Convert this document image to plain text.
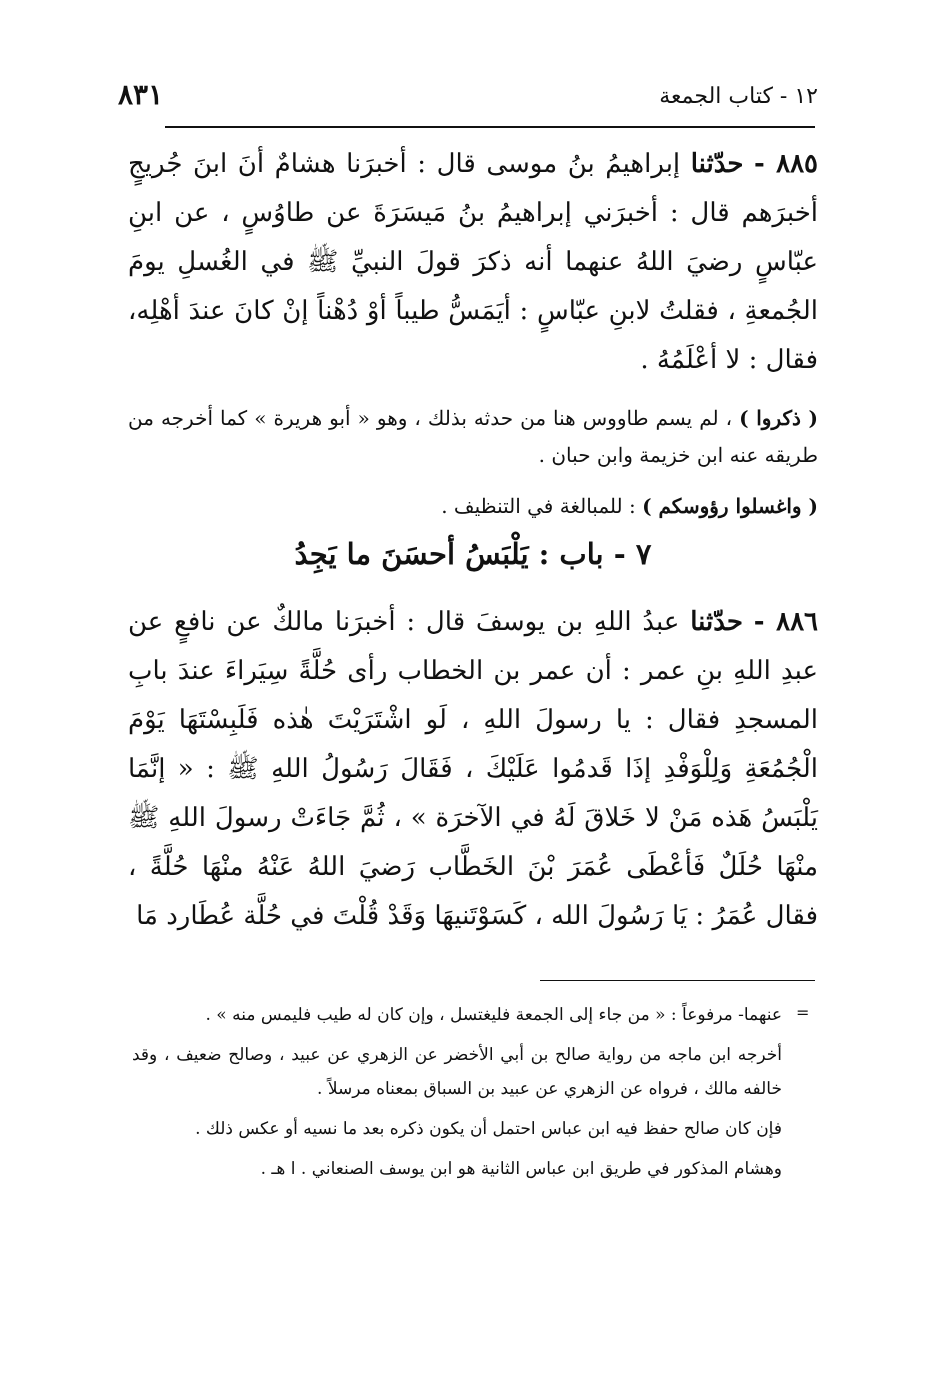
١٢ - كتاب الجمعة
٨٣١

٨٨٥ - حدّثنا إبراهيمُ بنُ موسى قال : أخبرَنا هشامٌ أنَ ابنَ جُريجٍ أخبرَهم قال : أخبرَني إبراهيمُ بنُ مَيسَرَةَ عن طاوُسٍ ، عن ابنِ عبّاسٍ رضيَ اللهُ عنهما أنه ذكرَ قولَ النبيِّ ﷺ في الغُسلِ يومَ الجُمعةِ ، فقلتُ لابنِ عبّاسٍ : أيَمَسُّ طيباً أوْ دُهْناً إنْ كانَ عندَ أهْلِه، فقال : لا أعْلَمُهُ .

( ذكروا ) ، لم يسم طاووس هنا من حدثه بذلك ، وهو « أبو هريرة » كما أخرجه من طريقه عنه ابن خزيمة وابن حبان .

( واغسلوا رؤوسكم ) : للمبالغة في التنظيف .

٧ - باب : يَلْبَسُ أحسَنَ ما يَجِدُ

٨٨٦ - حدّثنا عبدُ اللهِ بن يوسفَ قال : أخبرَنا مالكٌ عن نافعٍ عن عبدِ اللهِ بنِ عمر : أن عمر بن الخطاب رأى حُلَّةً سِيَراءَ عندَ بابِ المسجدِ فقال : يا رسولَ اللهِ ، لَو اشْتَرَيْتَ هٰذه فَلَبِسْتَهَا يَوْمَ الْجُمُعَةِ وَلِلْوَفْدِ إذَا قَدمُوا عَلَيْكَ ، فَقَالَ رَسُولُ اللهِ ﷺ : « إنَّمَا يَلْبَسُ هَذه مَنْ لا خَلاقَ لَهُ في الآخرَة » ، ثُمَّ جَاءَتْ رسولَ اللهِ ﷺ منْهَا حُلَلٌ فَأعْطَى عُمَرَ بْنَ الخَطَّاب رَضيَ اللهُ عَنْهُ منْهَا حُلَّةً ، فقال عُمَرُ : يَا رَسُولَ الله ، كَسَوْتَنيهَا وَقَدْ قُلْتَ في حُلَّة عُطَارد مَا

=

عنهما- مرفوعاً : « من جاء إلى الجمعة فليغتسل ، وإن كان له طيب فليمس منه » .

أخرجه ابن ماجه من رواية صالح بن أبي الأخضر عن الزهري عن عبيد ، وصالح ضعيف ، وقد خالفه مالك ، فرواه عن الزهري عن عبيد بن السباق بمعناه مرسلاً .

فإن كان صالح حفظ فيه ابن عباس احتمل أن يكون ذكره بعد ما نسيه أو عكس ذلك .

وهشام المذكور في طريق ابن عباس الثانية هو ابن يوسف الصنعاني . ا هـ .
